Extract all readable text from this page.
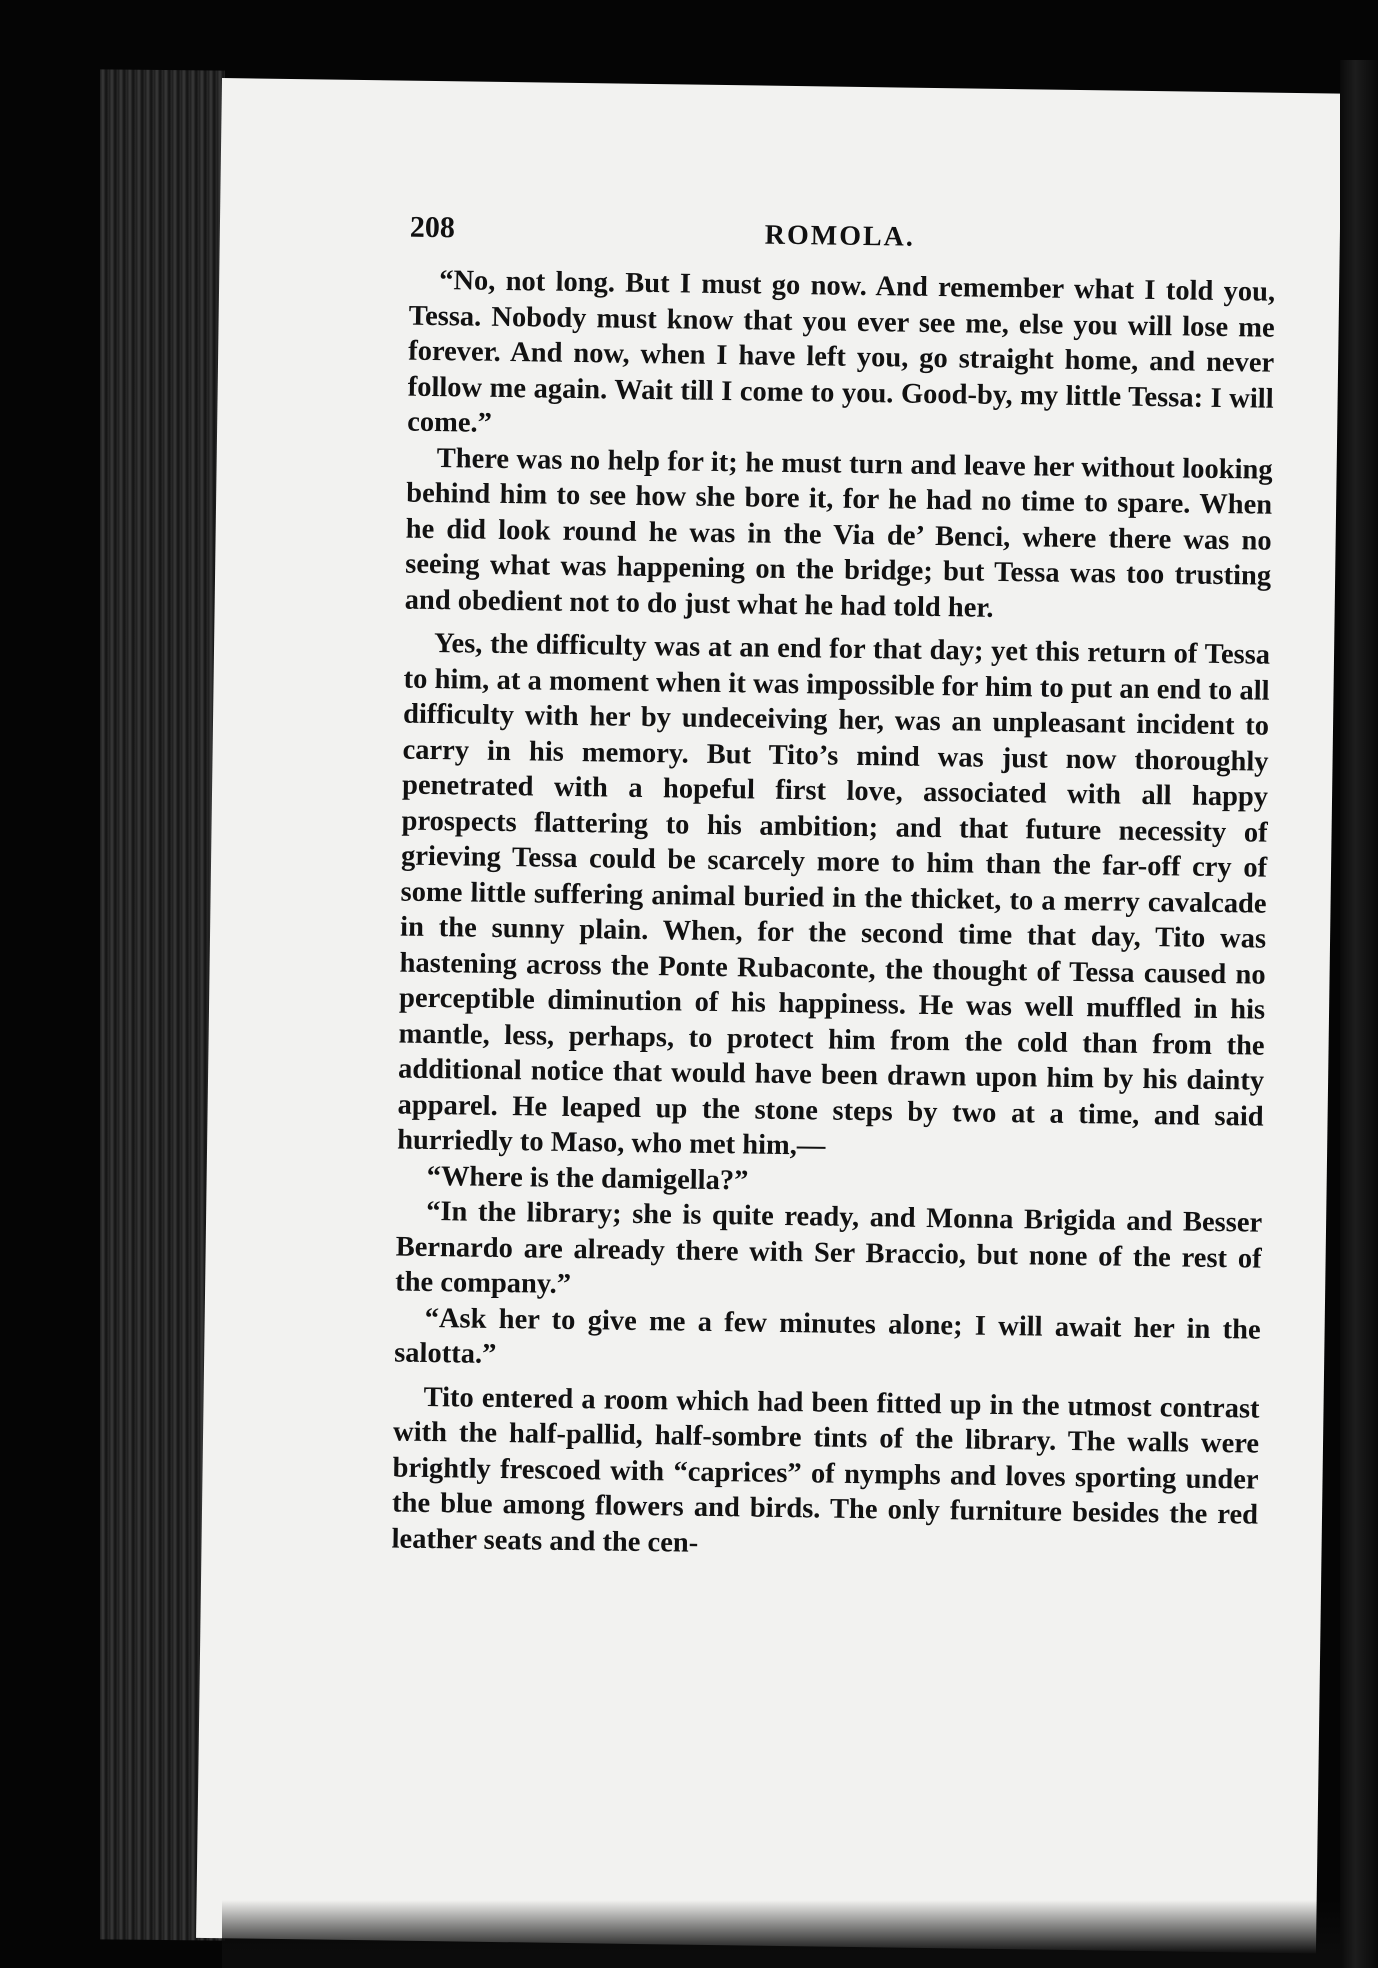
208	ROMOLA.

“No, not long. But I must go now. And remember what I told you, Tessa. Nobody must know that you ever see me, else you will lose me forever. And now, when I have left you, go straight home, and never follow me again. Wait till I come to you. Good-by, my little Tessa: I will come.”

There was no help for it; he must turn and leave her without looking behind him to see how she bore it, for he had no time to spare. When he did look round he was in the Via de’ Benci, where there was no seeing what was happening on the bridge; but Tessa was too trusting and obedient not to do just what he had told her.

Yes, the difficulty was at an end for that day; yet this return of Tessa to him, at a moment when it was impossible for him to put an end to all difficulty with her by undeceiving her, was an unpleasant incident to carry in his memory. But Tito’s mind was just now thoroughly penetrated with a hopeful first love, associated with all happy prospects flattering to his ambition; and that future necessity of grieving Tessa could be scarcely more to him than the far-off cry of some little suffering animal buried in the thicket, to a merry cavalcade in the sunny plain. When, for the second time that day, Tito was hastening across the Ponte Rubaconte, the thought of Tessa caused no perceptible diminution of his happiness. He was well muffled in his mantle, less, perhaps, to protect him from the cold than from the additional notice that would have been drawn upon him by his dainty apparel. He leaped up the stone steps by two at a time, and said hurriedly to Maso, who met him,—

“Where is the damigella?”

“In the library; she is quite ready, and Monna Brigida and Besser Bernardo are already there with Ser Braccio, but none of the rest of the company.”

“Ask her to give me a few minutes alone; I will await her in the salotta.”

Tito entered a room which had been fitted up in the utmost contrast with the half-pallid, half-sombre tints of the library. The walls were brightly frescoed with “caprices” of nymphs and loves sporting under the blue among flowers and birds. The only furniture besides the red leather seats and the cen-
